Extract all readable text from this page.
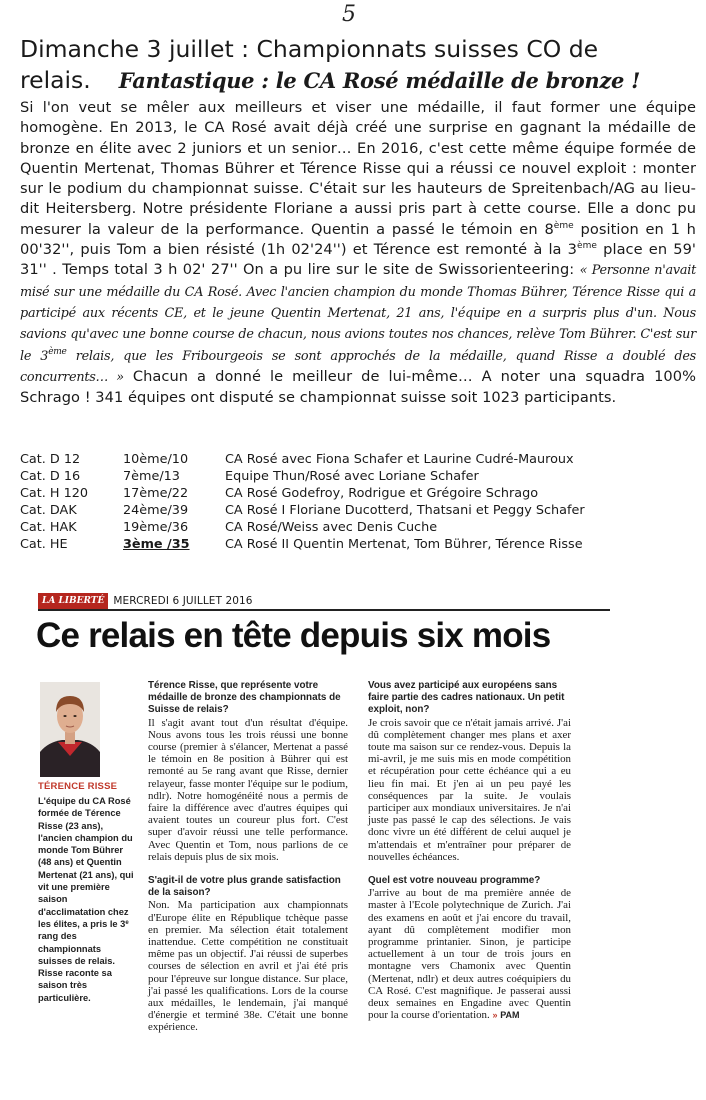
5
Dimanche 3 juillet : Championnats suisses CO de
relais. Fantastique : le CA Rosé médaille de bronze !
Si l'on veut se mêler aux meilleurs et viser une médaille, il faut former une équipe homogène. En 2013, le CA Rosé avait déjà créé une surprise en gagnant la médaille de bronze en élite avec 2 juniors et un senior… En 2016, c'est cette même équipe formée de Quentin Mertenat, Thomas Bührer et Térence Risse qui a réussi ce nouvel exploit : monter sur le podium du championnat suisse. C'était sur les hauteurs de Spreitenbach/AG au lieu-dit Heitersberg. Notre présidente Floriane a aussi pris part à cette course. Elle a donc pu mesurer la valeur de la performance. Quentin a passé le témoin en 8ème position en 1 h 00'32'', puis Tom a bien résisté (1h 02'24'') et Térence est remonté à la 3ème place en 59' 31'' . Temps total 3 h 02' 27'' On a pu lire sur le site de Swissorienteering: « Personne n'avait misé sur une médaille du CA Rosé. Avec l'ancien champion du monde Thomas Bührer, Térence Risse qui a participé aux récents CE, et le jeune Quentin Mertenat, 21 ans, l'équipe en a surpris plus d'un. Nous savions qu'avec une bonne course de chacun, nous avions toutes nos chances, relève Tom Bührer. C'est sur le 3ème relais, que les Fribourgeois se sont approchés de la médaille, quand Risse a doublé des concurrents… » Chacun a donné le meilleur de lui-même… A noter una squadra 100% Schrago ! 341 équipes ont disputé se championnat suisse soit 1023 participants.
Cat. D 12	10ème/10	CA Rosé avec Fiona Schafer et Laurine Cudré-Mauroux
Cat. D 16	7ème/13	Equipe Thun/Rosé avec Loriane Schafer
Cat. H 120	17ème/22	CA Rosé Godefroy, Rodrigue et Grégoire Schrago
Cat. DAK	24ème/39	CA Rosé I Floriane Ducotterd, Thatsani et Peggy Schafer
Cat. HAK	19ème/36	CA Rosé/Weiss avec Denis Cuche
Cat. HE	3ème /35	CA Rosé II Quentin Mertenat, Tom Bührer, Térence Risse
LA LIBERTÉ MERCREDI 6 JUILLET 2016
Ce relais en tête depuis six mois
TÉRENCE RISSE
L'équipe du CA Rosé formée de Térence Risse (23 ans), l'ancien champion du monde Tom Bührer (48 ans) et Quentin Mertenat (21 ans), qui vit une première saison d'acclimatation chez les élites, a pris le 3e rang des championnats suisses de relais. Risse raconte sa saison très particulière.

Térence Risse, que représente votre médaille de bronze des championnats de Suisse de relais?

Il s'agit avant tout d'un résultat d'équipe. Nous avons tous les trois réussi une bonne course (premier à s'élancer, Mertenat a passé le témoin en 8e position à Bührer qui est remonté au 5e rang avant que Risse, dernier relayeur, fasse monter l'équipe sur le podium, ndlr). Notre homogénéité nous a permis de faire la différence avec d'autres équipes qui avaient toutes un coureur plus fort. C'est super d'avoir réussi une telle performance. Avec Quentin et Tom, nous parlions de ce relais depuis plus de six mois.

S'agit-il de votre plus grande satisfaction de la saison?

Non. Ma participation aux championnats d'Europe élite en République tchèque passe en premier. Ma sélection était totalement inattendue. Cette compétition ne constituait même pas un objectif. J'ai réussi de superbes courses de sélection en avril et j'ai été pris pour l'épreuve sur longue distance. Sur place, j'ai passé les qualifications. Lors de la course aux médailles, le lendemain, j'ai manqué d'énergie et terminé 38e. C'était une bonne expérience.

Vous avez participé aux européens sans faire partie des cadres nationaux. Un petit exploit, non?

Je crois savoir que ce n'était jamais arrivé. J'ai dû complètement changer mes plans et axer toute ma saison sur ce rendez-vous. Depuis la mi-avril, je me suis mis en mode compétition et récupération pour cette échéance qui a eu lieu fin mai. Et j'en ai un peu payé les conséquences par la suite. Je voulais participer aux mondiaux universitaires. Je n'ai juste pas passé le cap des sélections. Je vais donc vivre un été différent de celui auquel je m'attendais et m'entraîner pour préparer de nouvelles échéances.

Quel est votre nouveau programme?

J'arrive au bout de ma première année de master à l'Ecole polytechnique de Zurich. J'ai des examens en août et j'ai encore du travail, ayant dû complètement modifier mon programme printanier. Sinon, je participe actuellement à un tour de trois jours en montagne vers Chamonix avec Quentin (Mertenat, ndlr) et deux autres coéquipiers du CA Rosé. C'est magnifique. Je passerai aussi deux semaines en Engadine avec Quentin pour la course d'orientation. » PAM
